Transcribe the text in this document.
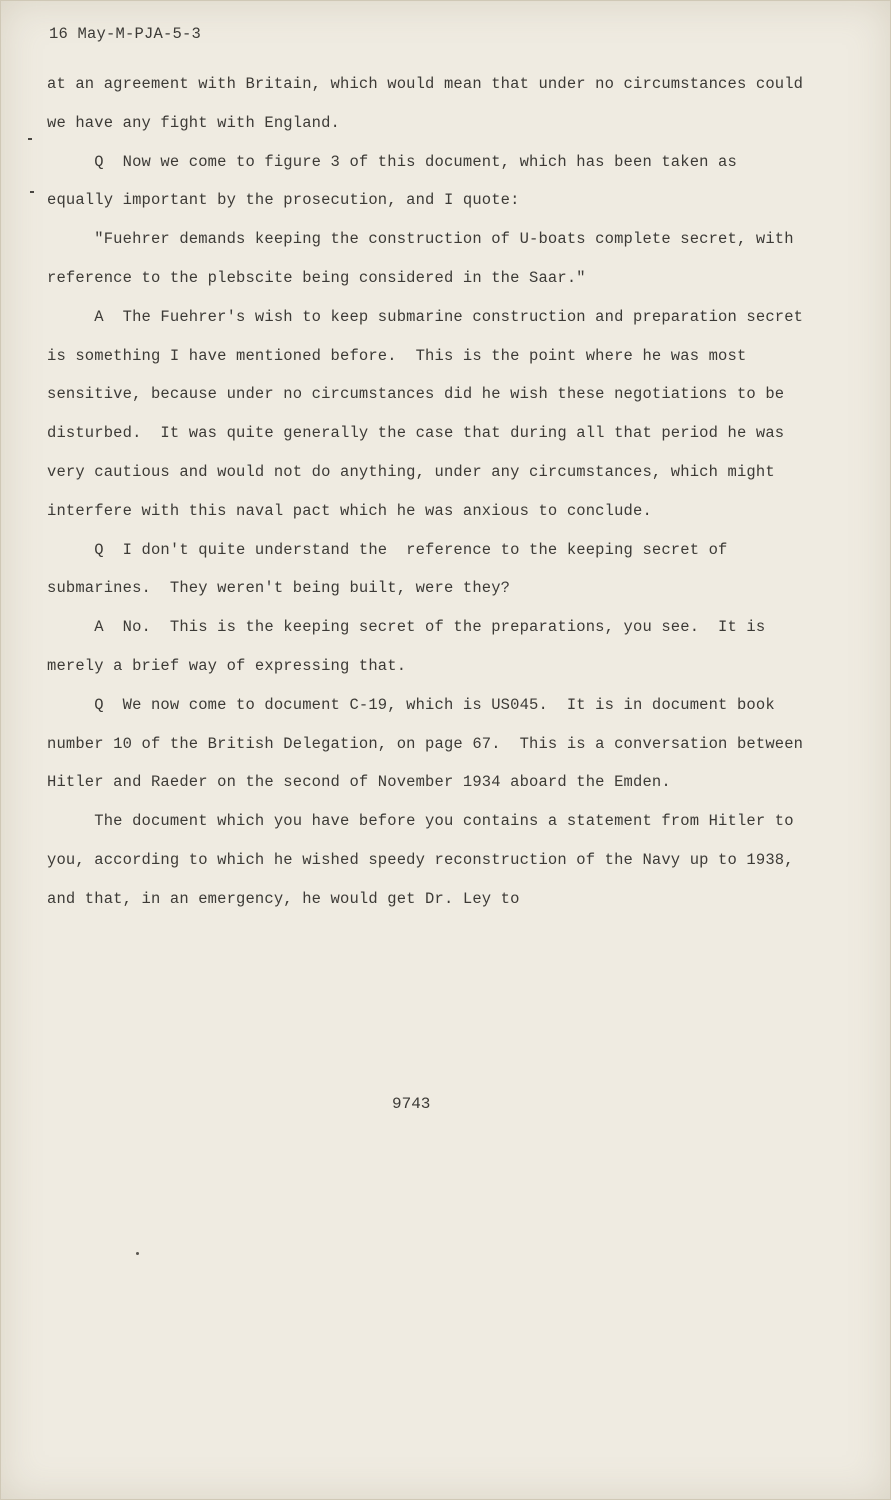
16 May-M-PJA-5-3
at an agreement with Britain, which would mean that under no circumstances could
we have any fight with England.
Q  Now we come to figure 3 of this document, which has been taken as
equally important by the prosecution, and I quote:
"Fuehrer demands keeping the construction of U-boats complete secret, with
reference to the plebscite being considered in the Saar."
A  The Fuehrer's wish to keep submarine construction and preparation secret
is something I have mentioned before.  This is the point where he was most
sensitive, because under no circumstances did he wish these negotiations to be
disturbed.  It was quite generally the case that during all that period he was
very cautious and would not do anything, under any circumstances, which might
interfere with this naval pact which he was anxious to conclude.
Q  I don't quite understand the  reference to the keeping secret of
submarines.  They weren't being built, were they?
A  No.  This is the keeping secret of the preparations, you see.  It is
merely a brief way of expressing that.
Q  We now come to document C-19, which is US045.  It is in document book
number 10 of the British Delegation, on page 67.  This is a conversation between
Hitler and Raeder on the second of November 1934 aboard the Emden.
The document which you have before you contains a statement from Hitler to
you, according to which he wished speedy reconstruction of the Navy up to 1938,
and that, in an emergency, he would get Dr. Ley to
9743
